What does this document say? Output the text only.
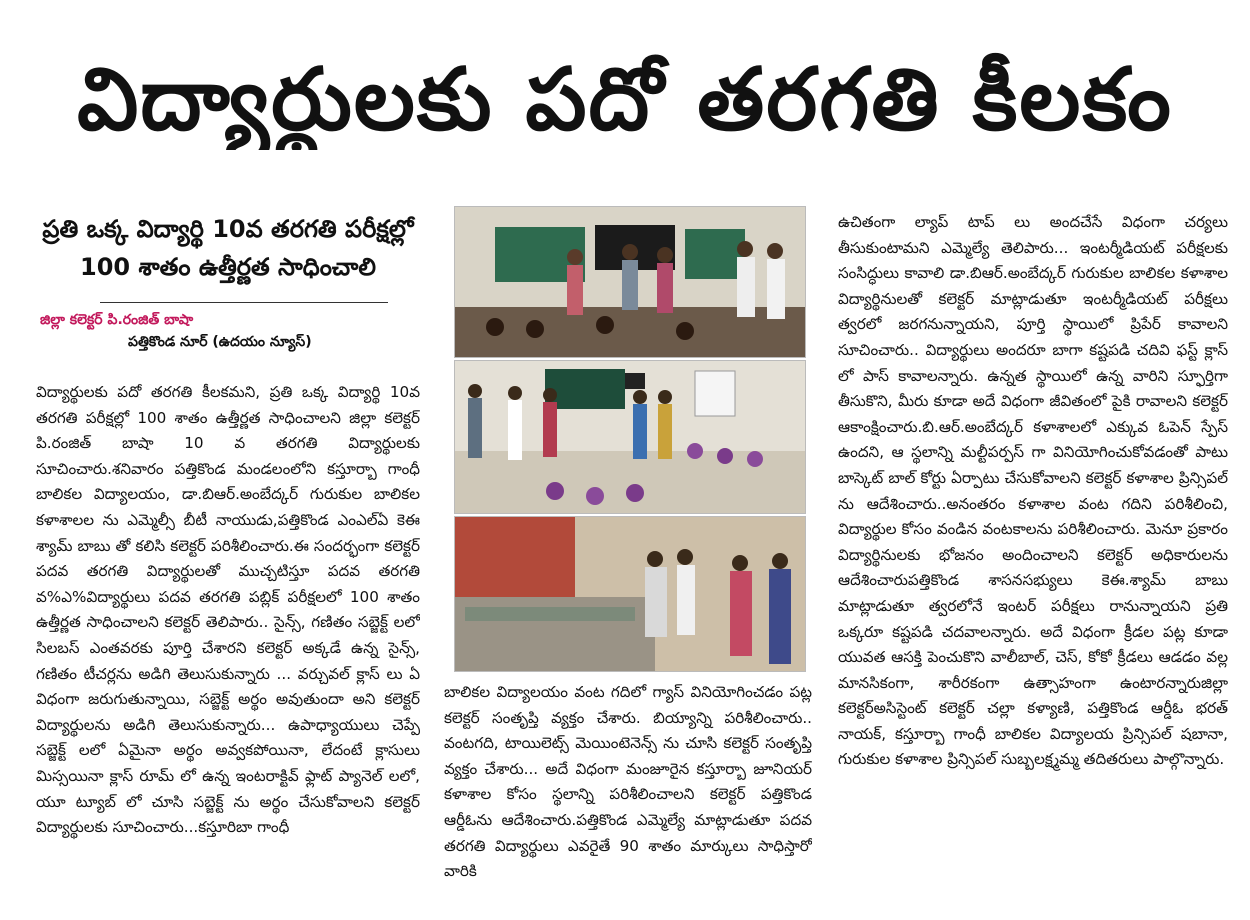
విద్యార్థులకు పదో తరగతి కీలకం
ప్రతి ఒక్క విద్యార్థి 10వ తరగతి పరీక్షల్లో
100 శాతం ఉత్తీర్ణత సాధించాలి
జిల్లా కలెక్టర్ పి.రంజిత్ బాషా
పత్తికొండ నూర్ (ఉదయం న్యూస్)

విద్యార్థులకు పదో తరగతి కీలకమని, ప్రతి ఒక్క విద్యార్థి 10వ తరగతి పరీక్షల్లో 100 శాతం ఉత్తీర్ణత సాధించాలని జిల్లా కలెక్టర్ పి.రంజిత్ బాషా 10 వ తరగతి విద్యార్థులకు సూచించారు.శనివారం పత్తికొండ మండలంలోని కస్తూర్బా గాంధీ బాలికల విద్యాలయం, డా.బిఆర్.అంబేద్కర్ గురుకుల బాలికల కళాశాలల ను ఎమ్మెల్సీ బీటీ నాయుడు,పత్తికొండ ఎంఎల్ఏ కెఈ శ్యామ్ బాబు తో కలిసి కలెక్టర్ పరిశీలించారు.ఈ సందర్భంగా కలెక్టర్ పదవ తరగతి విద్యార్థులతో ముచ్చటిస్తూ పదవ తరగతి వ%ఎ%విద్యార్థులు పదవ తరగతి పబ్లిక్ పరీక్షలలో 100 శాతం ఉత్తీర్ణత సాధించాలని కలెక్టర్ తెలిపారు.. సైన్స్, గణితం సబ్జెక్ట్ లలో సిలబస్ ఎంతవరకు పూర్తి చేశారని కలెక్టర్ అక్కడే ఉన్న సైన్స్, గణితం టీచర్లను అడిగి తెలుసుకున్నారు ... వర్చువల్ క్లాస్ లు ఏ విధంగా జరుగుతున్నాయి, సబ్జెక్ట్ అర్థం అవుతుందా అని కలెక్టర్ విద్యార్థులను అడిగి తెలుసుకున్నారు... ఉపాధ్యాయులు చెప్పే సబ్జెక్ట్ లలో ఏమైనా అర్థం అవ్వకపోయినా, లేదంటే క్లాసులు మిస్సయినా క్లాస్ రూమ్ లో ఉన్న ఇంటరాక్టివ్ ఫ్లాట్ ప్యానెల్ లలో, యూ ట్యూబ్ లో చూసి సబ్జెక్ట్ ను అర్థం చేసుకోవాలని కలెక్టర్ విద్యార్థులకు సూచించారు...కస్తూరిబా గాంధీ

బాలికల విద్యాలయం వంట గదిలో గ్యాస్ వినియోగించడం పట్ల కలెక్టర్ సంతృప్తి వ్యక్తం చేశారు. బియ్యాన్ని పరిశీలించారు.. వంటగది, టాయిలెట్స్ మెయింటెనెన్స్ ను చూసి కలెక్టర్ సంతృప్తి వ్యక్తం చేశారు... అదే విధంగా మంజూరైన కస్తూర్బా జూనియర్ కళాశాల కోసం స్థలాన్ని పరిశీలించాలని కలెక్టర్ పత్తికొండ ఆర్డీఓను ఆదేశించారు.పత్తికొండ ఎమ్మెల్యే మాట్లాడుతూ పదవ తరగతి విద్యార్థులు ఎవరైతే 90 శాతం మార్కులు సాధిస్తారో వారికి

ఉచితంగా ల్యాప్ టాప్ లు అందచేసే విధంగా చర్యలు తీసుకుంటామని ఎమ్మెల్యే తెలిపారు... ఇంటర్మీడియట్ పరీక్షలకు సంసిద్ధులు కావాలి డా.బిఆర్.అంబేద్కర్ గురుకుల బాలికల కళాశాల విద్యార్థినులతో కలెక్టర్ మాట్లాడుతూ ఇంటర్మీడియట్ పరీక్షలు త్వరలో జరగనున్నాయని, పూర్తి స్థాయిలో ప్రిపేర్ కావాలని సూచించారు.. విద్యార్థులు అందరూ బాగా కష్టపడి చదివి ఫస్ట్ క్లాస్ లో పాస్ కావాలన్నారు. ఉన్నత స్థాయిలో ఉన్న వారిని స్ఫూర్తిగా తీసుకొని, మీరు కూడా అదే విధంగా జీవితంలో పైకి రావాలని కలెక్టర్ ఆకాంక్షించారు.బి.ఆర్.అంబేద్కర్ కళాశాలలో ఎక్కువ ఓపెన్ స్పేస్ ఉందని, ఆ స్థలాన్ని మల్టీపర్పస్ గా వినియోగించుకోవడంతో పాటు బాస్కెట్ బాల్ కోర్టు ఏర్పాటు చేసుకోవాలని కలెక్టర్ కళాశాల ప్రిన్సిపల్ ను ఆదేశించారు..అనంతరం కళాశాల వంట గదిని పరిశీలించి, విద్యార్థుల కోసం వండిన వంటకాలను పరిశీలించారు. మెనూ ప్రకారం విద్యార్థినులకు భోజనం అందించాలని కలెక్టర్ అధికారులను ఆదేశించారుపత్తికొండ శాసనసభ్యులు కెఈ.శ్యామ్ బాబు మాట్లాడుతూ త్వరలోనే ఇంటర్ పరీక్షలు రానున్నాయని ప్రతి ఒక్కరూ కష్టపడి చదవాలన్నారు. అదే విధంగా క్రీడల పట్ల కూడా యువత ఆసక్తి పెంచుకొని వాలీబాల్, చెస్, కోకో క్రీడలు ఆడడం వల్ల మానసికంగా, శారీరకంగా ఉత్సాహంగా ఉంటారన్నారుజిల్లా కలెక్టర్అసిస్టెంట్ కలెక్టర్ చల్లా కళ్యాణి, పత్తికొండ ఆర్డీఓ భరత్ నాయక్, కస్తూర్బా గాంధీ బాలికల విద్యాలయ ప్రిన్సిపల్ షబానా, గురుకుల కళాశాల ప్రిన్సిపల్ సుబ్బలక్ష్మమ్మ తదితరులు పాల్గొన్నారు.
